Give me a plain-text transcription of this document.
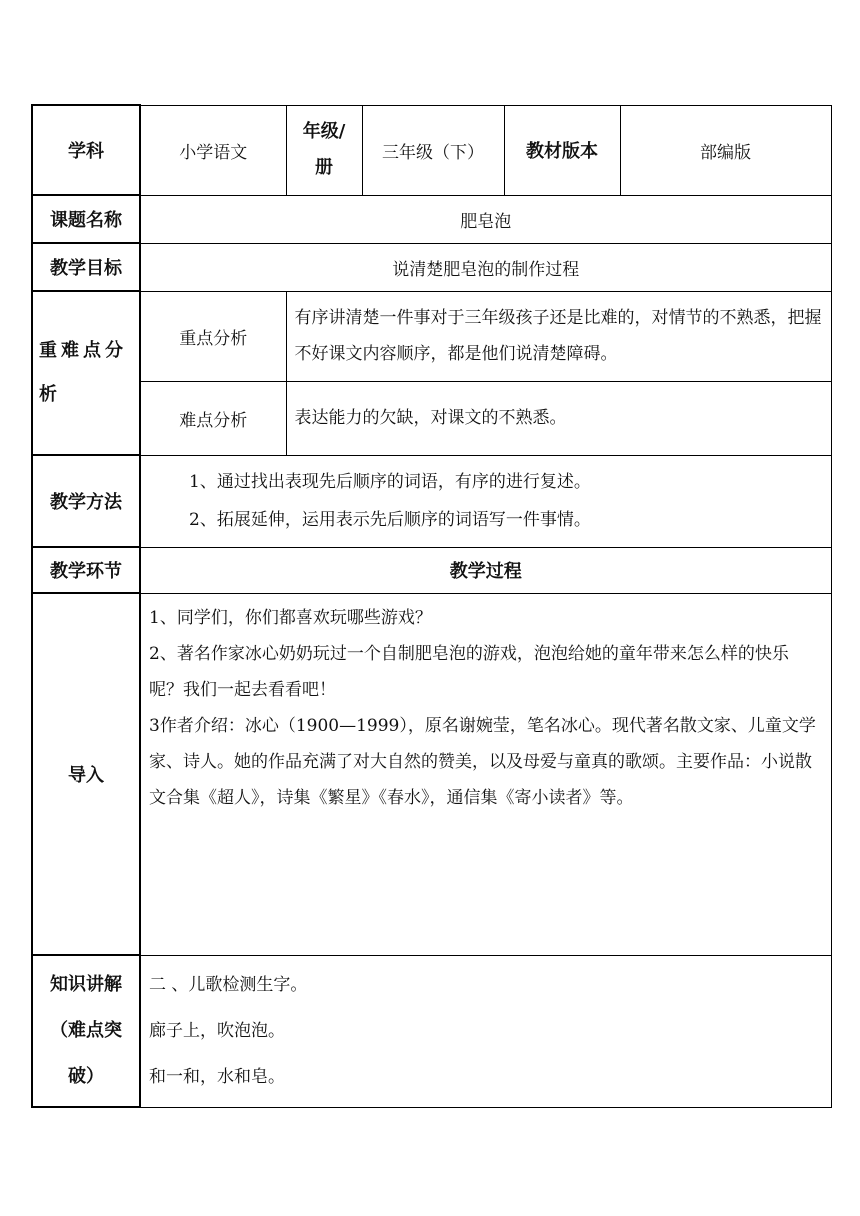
学科	小学语文	年级/册	三年级（下）	教材版本	部编版
课题名称	肥皂泡				
教学目标	说清楚肥皂泡的制作过程				
重难点分析	重点分析	有序讲清楚一件事对于三年级孩子还是比难的，对情节的不熟悉，把握不好课文内容顺序，都是他们说清楚障碍。			
	难点分析	表达能力的欠缺，对课文的不熟悉。			
教学方法	1、通过找出表现先后顺序的词语，有序的进行复述。

2、拓展延伸，运用表示先后顺序的词语写一件事情。				

教学环节	教学过程				
导入	1、同学们，你们都喜欢玩哪些游戏？

2、著名作家冰心奶奶玩过一个自制肥皂泡的游戏，泡泡给她的童年带来怎么样的快乐呢？我们一起去看看吧！

3作者介绍：冰心（1900—1999），原名谢婉莹，笔名冰心。现代著名散文家、儿童文学家、诗人。她的作品充满了对大自然的赞美，以及母爱与童真的歌颂。主要作品：小说散文合集《超人》，诗集《繁星》《春水》，通信集《寄小读者》等。				

知识讲解（难点突破）	二 、儿歌检测生字。

廊子上，吹泡泡。

和一和，水和皂。				
